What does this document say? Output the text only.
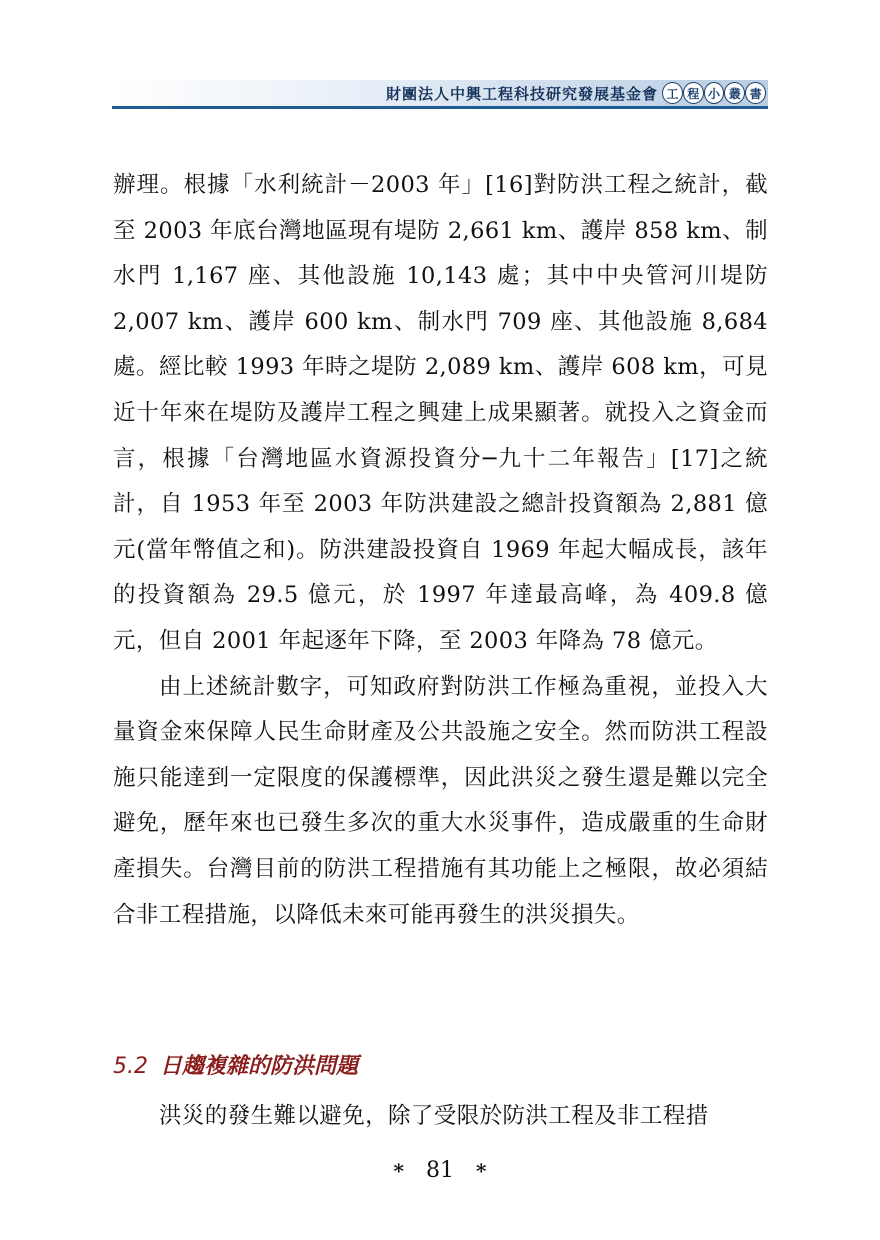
財團法人中興工程科技研究發展基金會 工 程 小 叢 書

辦理。根據「水利統計－2003 年」[16]對防洪工程之統計，截至 2003 年底台灣地區現有堤防 2,661 km、護岸 858 km、制水門 1,167 座、其他設施 10,143 處；其中中央管河川堤防 2,007 km、護岸 600 km、制水門 709 座、其他設施 8,684 處。經比較 1993 年時之堤防 2,089 km、護岸 608 km，可見近十年來在堤防及護岸工程之興建上成果顯著。就投入之資金而言，根據「台灣地區水資源投資分─九十二年報告」[17]之統計，自 1953 年至 2003 年防洪建設之總計投資額為 2,881 億元(當年幣值之和)。防洪建設投資自 1969 年起大幅成長，該年的投資額為 29.5 億元，於 1997 年達最高峰，為 409.8 億元，但自 2001 年起逐年下降，至 2003 年降為 78 億元。

由上述統計數字，可知政府對防洪工作極為重視，並投入大量資金來保障人民生命財產及公共設施之安全。然而防洪工程設施只能達到一定限度的保護標準，因此洪災之發生還是難以完全避免，歷年來也已發生多次的重大水災事件，造成嚴重的生命財產損失。台灣目前的防洪工程措施有其功能上之極限，故必須結合非工程措施，以降低未來可能再發生的洪災損失。

5.2 日趨複雜的防洪問題

洪災的發生難以避免，除了受限於防洪工程及非工程措

* 81 *
